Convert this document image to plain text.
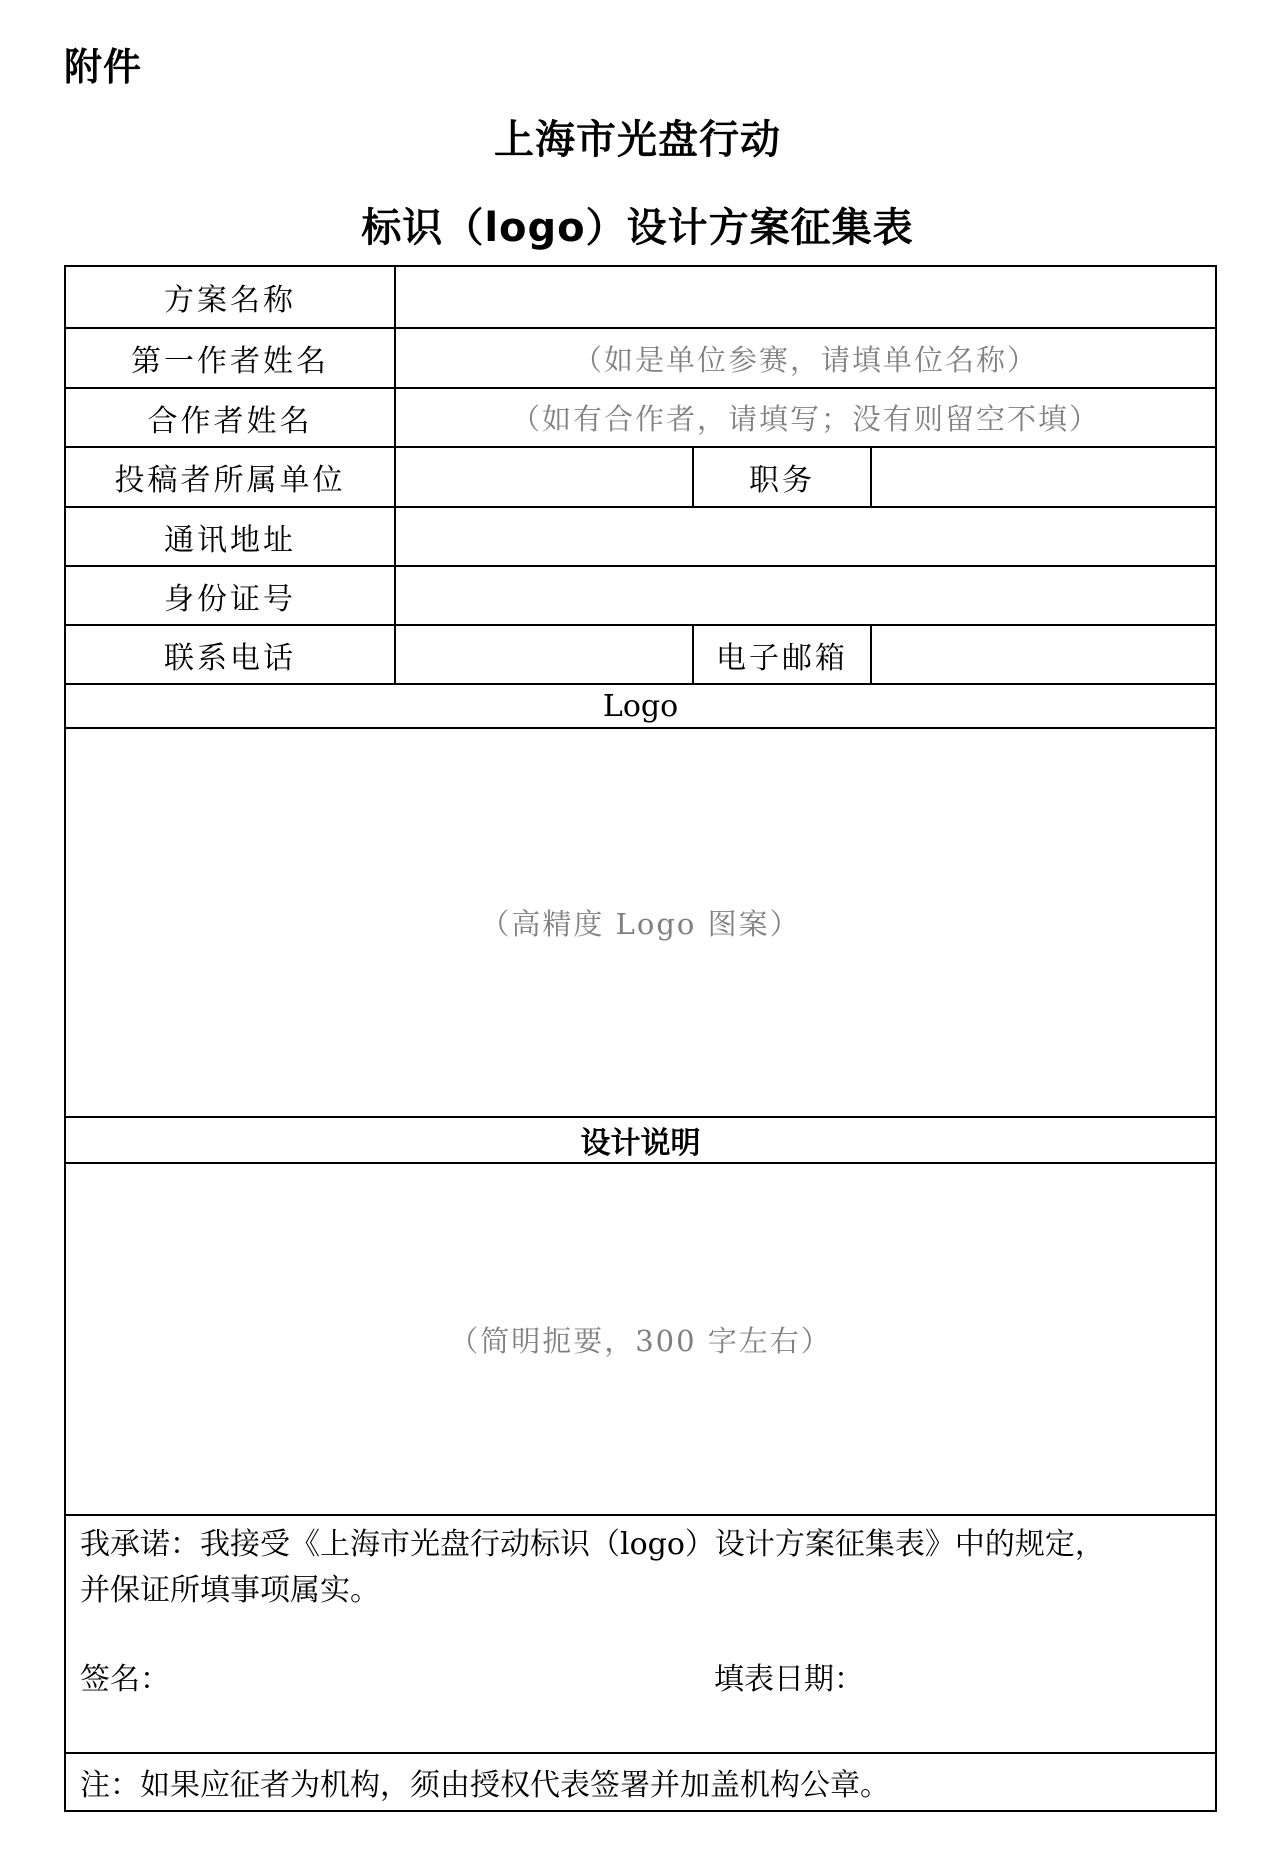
附件
上海市光盘行动
标识（logo）设计方案征集表
方案名称			
第一作者姓名	（如是单位参赛，请填单位名称）		
合作者姓名	（如有合作者，请填写；没有则留空不填）		
投稿者所属单位		职务	
通讯地址			
身份证号			
联系电话		电子邮箱	
Logo			
（高精度 Logo 图案）			
设计说明			
（简明扼要，300 字左右）			

我承诺：我接受《上海市光盘行动标识（logo）设计方案征集表》中的规定，
并保证所填事项属实。
签名： 填表日期：			

注：如果应征者为机构，须由授权代表签署并加盖机构公章。			
